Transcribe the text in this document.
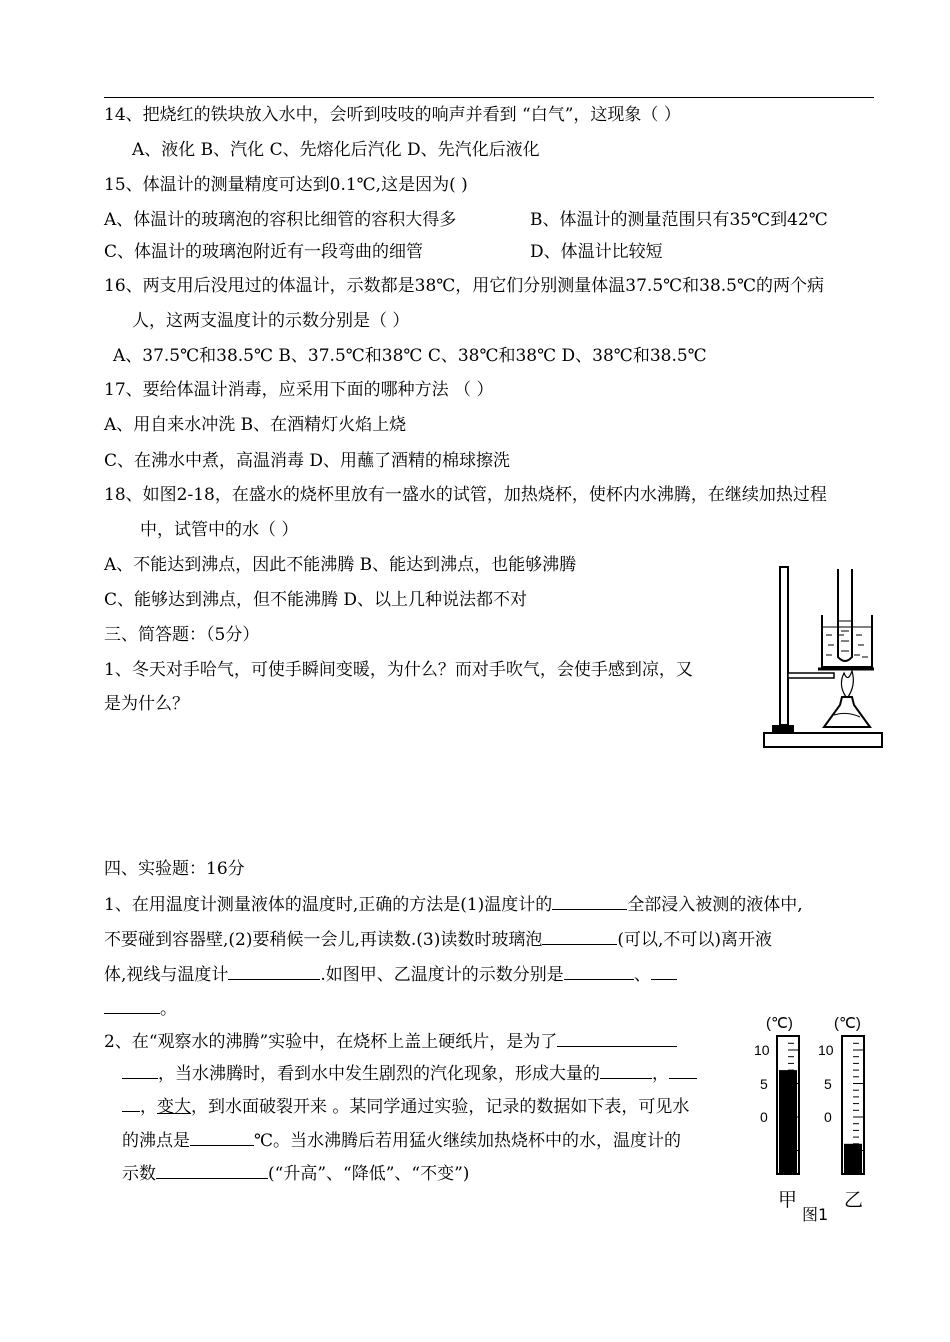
14、把烧红的铁块放入水中，会听到吱吱的响声并看到 “白气”，这现象（ ）
A、液化 B、汽化 C、先熔化后汽化 D、先汽化后液化
15、体温计的测量精度可达到0.1℃,这是因为( )
A、体温计的玻璃泡的容积比细管的容积大得多	B、体温计的测量范围只有35℃到42℃
C、体温计的玻璃泡附近有一段弯曲的细管	D、体温计比较短
16、两支用后没甩过的体温计，示数都是38℃，用它们分别测量体温37.5℃和38.5℃的两个病
人，这两支温度计的示数分别是（ ）
A、37.5℃和38.5℃ B、37.5℃和38℃ C、38℃和38℃ D、38℃和38.5℃
17、要给体温计消毒，应采用下面的哪种方法 （ ）
A、用自来水冲洗 B、在酒精灯火焰上烧
C、在沸水中煮，高温消毒 D、用蘸了酒精的棉球擦洗
18、如图2-18，在盛水的烧杯里放有一盛水的试管，加热烧杯，使杯内水沸腾，在继续加热过程
中，试管中的水（ ）
A、不能达到沸点，因此不能沸腾 B、能达到沸点，也能够沸腾
C、能够达到沸点，但不能沸腾 D、以上几种说法都不对
三、简答题：（5分）
1、冬天对手哈气，可使手瞬间变暖，为什么？而对手吹气，会使手感到凉，又
是为什么？
四、实验题：16分
1、在用温度计测量液体的温度时,正确的方法是(1)温度计的	全部浸入被测的液体中,
不要碰到容器壁,(2)要稍候一会儿,再读数.(3)读数时玻璃泡	(可以,不可以)离开液
体,视线与温度计	.如图甲、乙温度计的示数分别是	、
。
2、在“观察水的沸腾”实验中，在烧杯上盖上硬纸片，是为了
，当水沸腾时，看到水中发生剧烈的汽化现象，形成大量的	，
，变大，到水面破裂开来 。某同学通过实验，记录的数据如下表，可见水
的沸点是	℃。当水沸腾后若用猛火继续加热烧杯中的水，温度计的
示数	(“升高”、“降低”、“不变”)
(℃)	(℃)
10
5
0
10
5
0
甲 乙
图1
